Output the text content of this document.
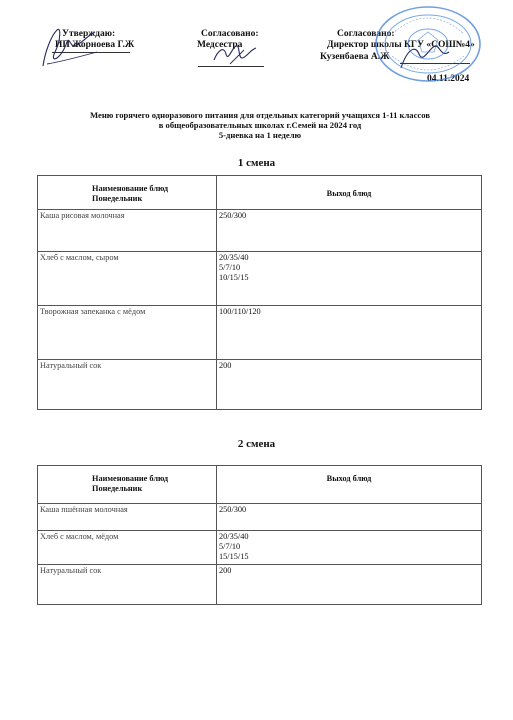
Утверждаю:
ИП Жорноева Г.Ж
Согласовано:
Медсестра
Согласовано:
Директор школы КГУ «СОШ№4»
Кузенбаева А.Ж
04.11.2024
Меню горячего одноразового питания для отдельных категорий учащихся 1-11 классов
в общеобразовательных школах г.Семей на 2024 год
5-дневка на 1 неделю
1 смена
Наименование блюд
Понедельник	Выход блюд
Каша рисовая молочная	250/300

Хлеб с маслом, сыром	20/35/40
5/7/10
10/15/15

Творожная запеканка с мёдом	100/110/120

Натуральный сок	200
2 смена
Наименование блюд
Понедельник	Выход блюд
Каша пшённая молочная	250/300

Хлеб с маслом, мёдом	20/35/40
5/7/10
15/15/15

Натуральный сок	200
